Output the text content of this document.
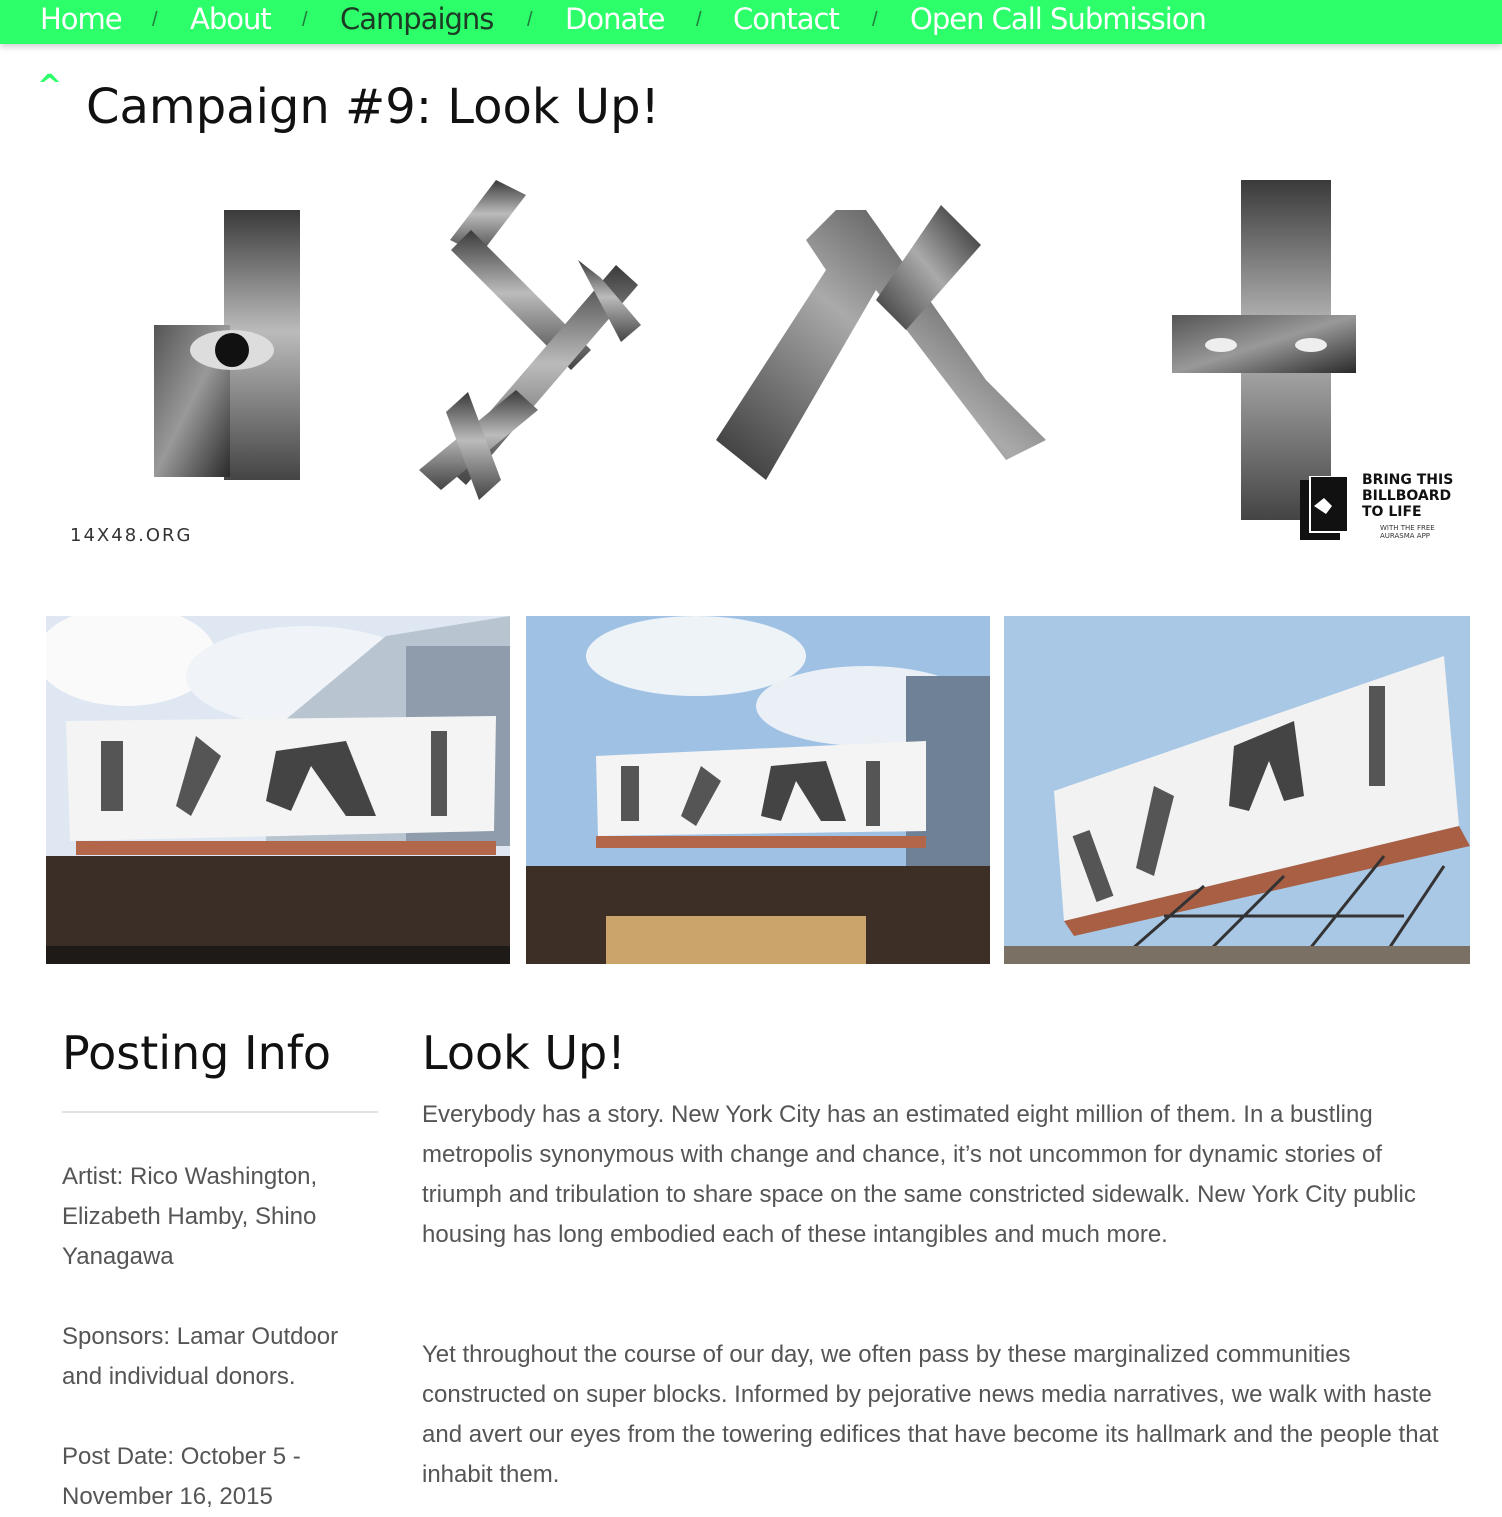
Home / About / Campaigns / Donate / Contact / Open Call Submission
^ Campaign #9: Look Up!
14X48.ORG
BRING THIS
BILLBOARD
TO LIFE
WITH THE FREE
AURASMA APP
Posting Info

Artist: Rico Washington, Elizabeth Hamby, Shino Yanagawa

Sponsors: Lamar Outdoor and individual donors.

Post Date: October 5 - November 16, 2015

Look Up!

Everybody has a story. New York City has an estimated eight million of them. In a bustling metropolis synonymous with change and chance, it’s not uncommon for dynamic stories of triumph and tribulation to share space on the same constricted sidewalk. New York City public housing has long embodied each of these intangibles and much more.

Yet throughout the course of our day, we often pass by these marginalized communities constructed on super blocks. Informed by pejorative news media narratives, we walk with haste and avert our eyes from the towering edifices that have become its hallmark and the people that inhabit them.
